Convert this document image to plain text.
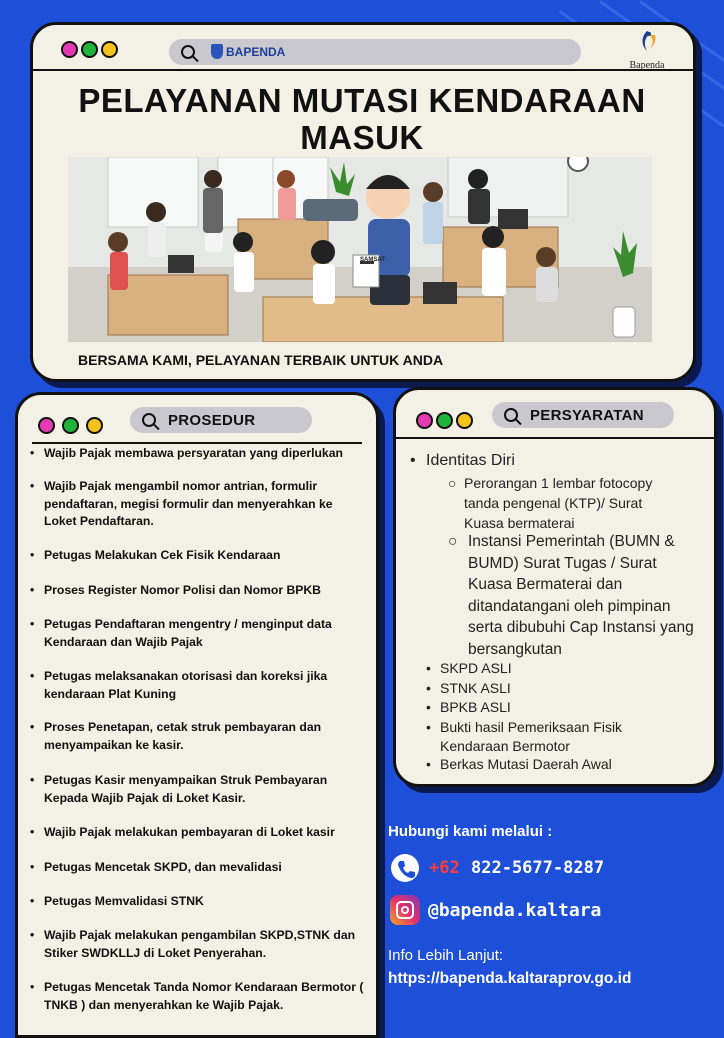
BAPENDA
Bapenda
PELAYANAN MUTASI KENDARAAN MASUK
SAMSAT
BERSAMA KAMI, PELAYANAN TERBAIK UNTUK ANDA
PROSEDUR
• Wajib Pajak membawa persyaratan yang diperlukan
• Wajib Pajak mengambil nomor antrian, formulir pendaftaran, megisi formulir dan menyerahkan ke Loket Pendaftaran.
• Petugas Melakukan Cek Fisik Kendaraan
• Proses Register Nomor Polisi dan Nomor BPKB
• Petugas Pendaftaran mengentry / menginput data Kendaraan dan Wajib Pajak
• Petugas melaksanakan otorisasi dan koreksi jika kendaraan Plat Kuning
• Proses Penetapan, cetak struk pembayaran dan menyampaikan ke kasir.
• Petugas Kasir menyampaikan Struk Pembayaran Kepada Wajib Pajak di Loket Kasir.
• Wajib Pajak melakukan pembayaran di Loket kasir
• Petugas Mencetak SKPD, dan mevalidasi
• Petugas Memvalidasi STNK
• Wajib Pajak melakukan pengambilan SKPD,STNK dan Stiker SWDKLLJ di Loket Penyerahan.
• Petugas Mencetak Tanda Nomor Kendaraan Bermotor ( TNKB ) dan menyerahkan ke Wajib Pajak.
PERSYARATAN
• Identitas Diri
○ Perorangan 1 lembar fotocopy tanda pengenal (KTP)/ Surat Kuasa bermaterai
○ Instansi Pemerintah (BUMN & BUMD) Surat Tugas / Surat Kuasa Bermaterai dan ditandatangani oleh pimpinan serta dibubuhi Cap Instansi yang bersangkutan
• SKPD ASLI
• STNK ASLI
• BPKB ASLI
• Bukti hasil Pemeriksaan Fisik Kendaraan Bermotor
• Berkas Mutasi Daerah Awal
Hubungi kami melalui :
+62 822-5677-8287
@bapenda.kaltara
Info Lebih Lanjut:
https://bapenda.kaltaraprov.go.id
